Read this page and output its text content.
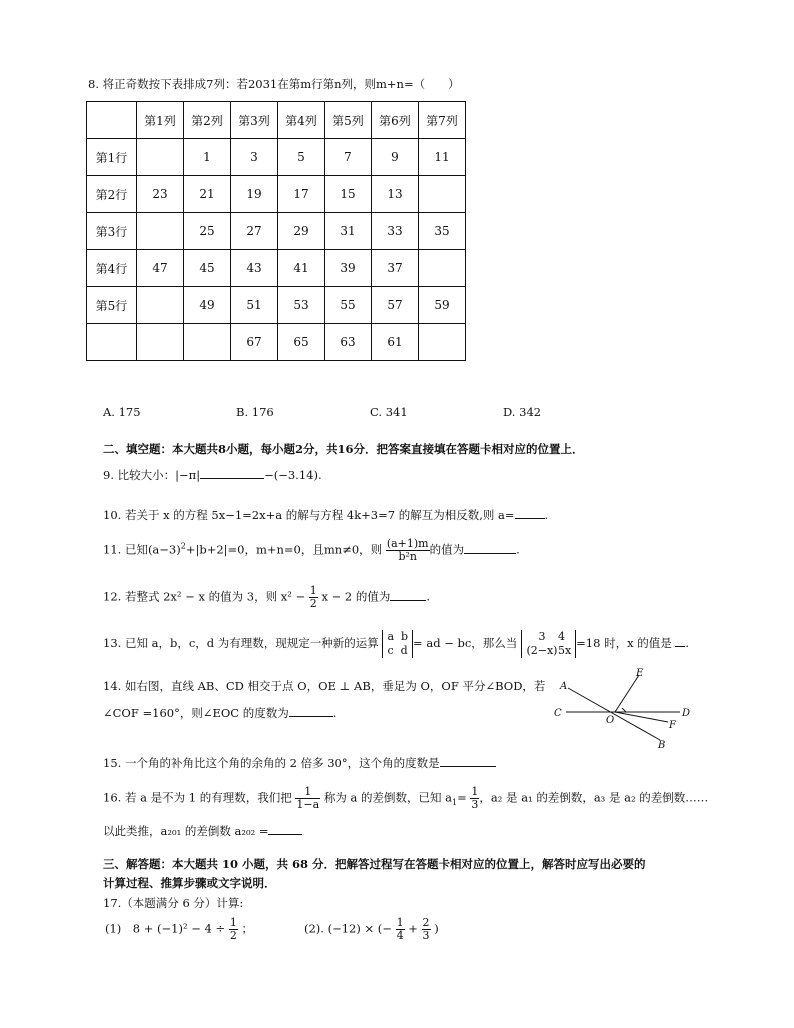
8. 将正奇数按下表排成7列：若2031在第m行第n列，则m+n=（　　）
	第1列	第2列	第3列	第4列	第5列	第6列	第7列
第1行		1	3	5	7	9	11
第2行	23	21	19	17	15	13	
第3行		25	27	29	31	33	35
第4行	47	45	43	41	39	37	
第5行		49	51	53	55	57	59
			67	65	63	61	
A. 175	B. 176	C. 341	D. 342
二、填空题：本大题共8小题，每小题2分，共16分．把答案直接填在答题卡相对应的位置上．
9. 比较大小：|−π|	−(−3.14).
10. 若关于 x 的方程 5x−1=2x+a 的解与方程 4k+3=7 的解互为相反数,则 a=	.
11. 已知$(a-3)^2+|b+2|=0$，m+n=0，且mn≠0，则 $\frac{(a+1)m}{\text{b²n}}$ 的值为	.
12. 若整式 2x² − x 的值为 3，则 $x^2 - \frac{1}{2}$ x − 2 的值为	.
13. 已知 a，b，c，d 为有理数，现规定一种新的运算 a b
c d= ad − bc，那么当 3 4
(2−x)5x=18 时，x 的值是 .
14. 如右图，直线 AB、CD 相交于点 O，OE ⊥ AB，垂足为 O，OF 平分∠BOD，若
∠COF =160°，则∠EOC 的度数为	.
A
C
O
E
D
F
B
15. 一个角的补角比这个角的余角的 2 倍多 30°，这个角的度数是
16. 若 a 是不为 1 的有理数，我们把 $\frac{1}{1-a}$ 称为 a 的差倒数，已知 $a_1= \frac{1}{3}$ ，a₂ 是 a₁ 的差倒数，a₃ 是 a₂ 的差倒数……
以此类推，a₂₀₁ 的差倒数 a₂₀₂ =
三、解答题：本大题共 10 小题，共 68 分．把解答过程写在答题卡相对应的位置上，解答时应写出必要的
计算过程、推算步骤或文字说明．
17.（本题满分 6 分）计算:
(1)　$8 + (-1)^2 - 4 \div \frac{1}{2}$ ；	(2). (−12) × (− $\frac{1}{4} + \frac{2}{3}$ )
